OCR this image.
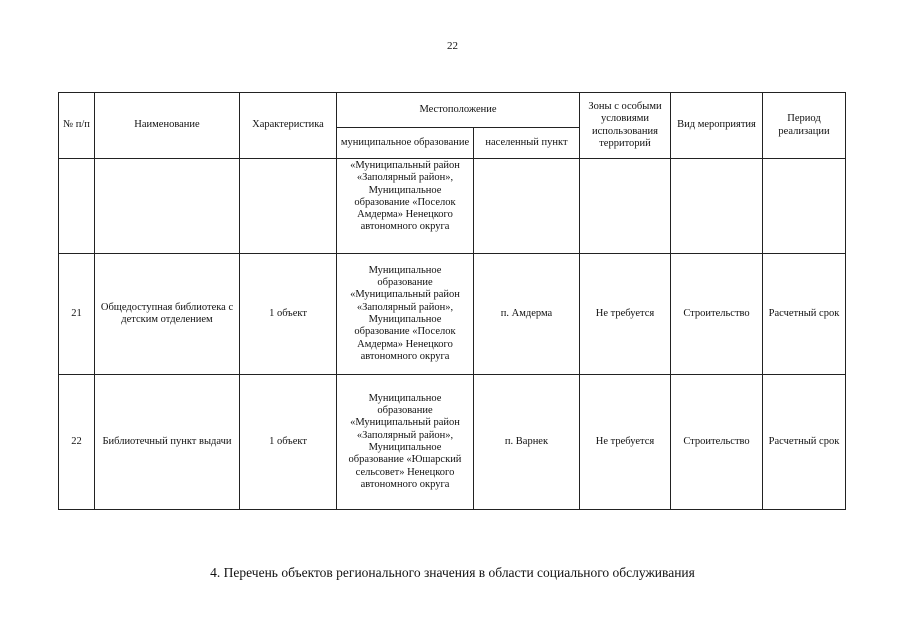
22
№ п/п	Наименование	Характеристика	Местоположение		Зоны с особыми условиями использования территорий	Вид мероприятия	Период реализации
			муниципальное образование	населенный пункт			
			«Муниципальный район «Заполярный район», Муниципальное образование «Поселок Амдерма» Ненецкого автономного округа				
21	Общедоступная библиотека с детским отделением	1 объект	Муниципальное образование «Муниципальный район «Заполярный район», Муниципальное образование «Поселок Амдерма» Ненецкого автономного округа	п. Амдерма	Не требуется	Строительство	Расчетный срок
22	Библиотечный пункт выдачи	1 объект	Муниципальное образование «Муниципальный район «Заполярный район», Муниципальное образование «Юшарский сельсовет» Ненецкого автономного округа	п. Варнек	Не требуется	Строительство	Расчетный срок
4. Перечень объектов регионального значения в области социального обслуживания
